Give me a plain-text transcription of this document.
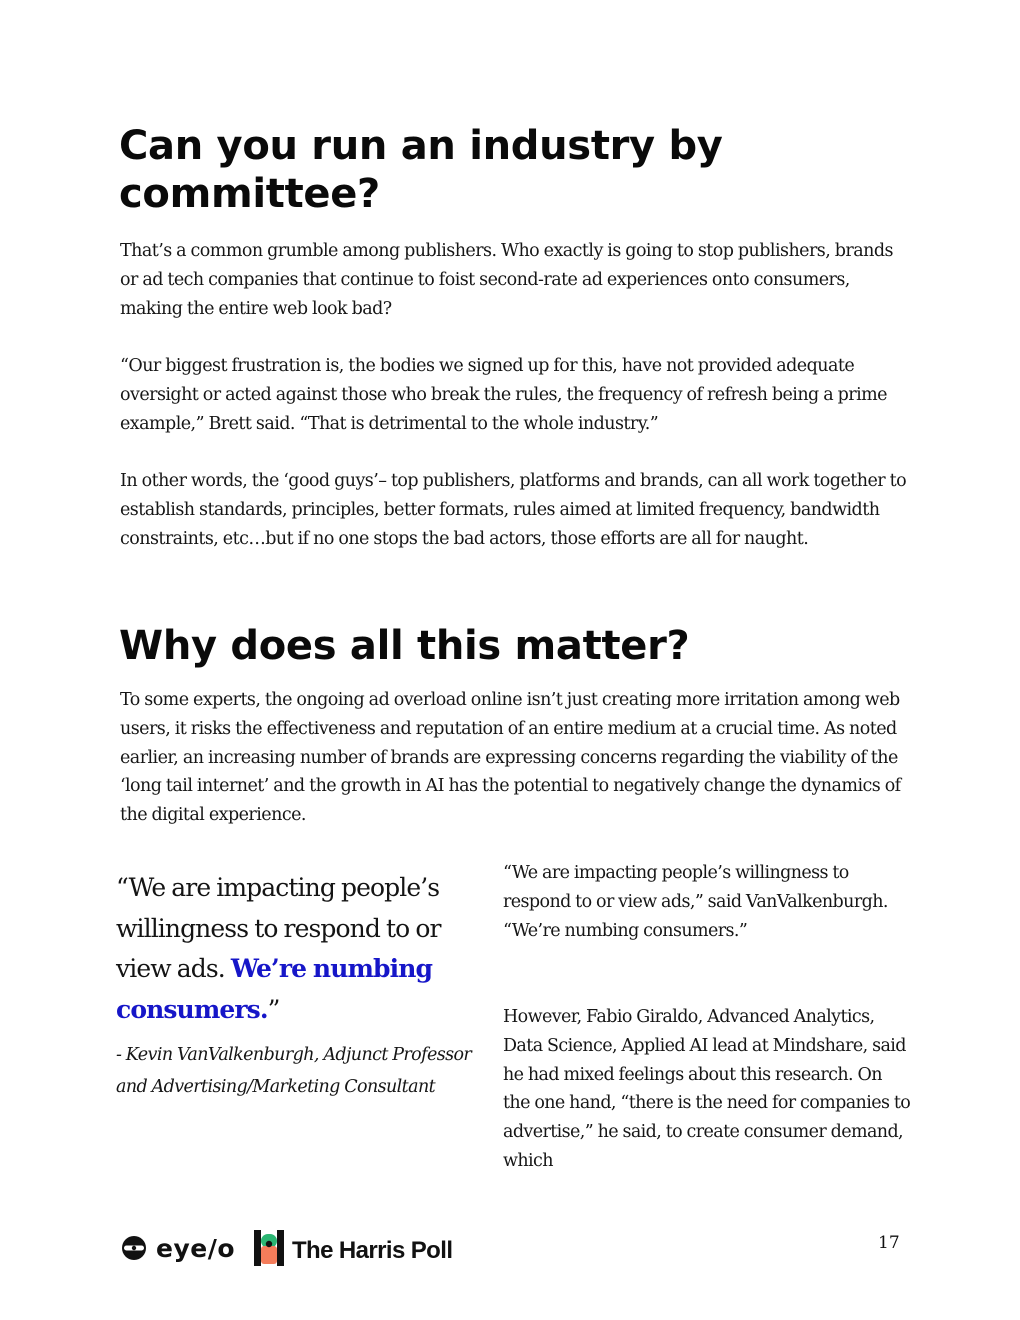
Can you run an industry by committee?

That’s a common grumble among publishers. Who exactly is going to stop publishers, brands or ad tech companies that continue to foist second-rate ad experiences onto consumers, making the entire web look bad?

“Our biggest frustration is, the bodies we signed up for this, have not provided adequate oversight or acted against those who break the rules, the frequency of refresh being a prime example,” Brett said. “That is detrimental to the whole industry.”

In other words, the ‘good guys’– top publishers, platforms and brands, can all work together to establish standards, principles, better formats, rules aimed at limited frequency, bandwidth constraints, etc…but if no one stops the bad actors, those efforts are all for naught.

Why does all this matter?

To some experts, the ongoing ad overload online isn’t just creating more irritation among web users, it risks the effectiveness and reputation of an entire medium at a crucial time. As noted earlier, an increasing number of brands are expressing concerns regarding the viability of the ‘long tail internet’ and the growth in AI has the potential to negatively change the dynamics of the digital experience.

“We are impacting people’s willingness to respond to or view ads. We’re numbing consumers.”

- Kevin VanValkenburgh, Adjunct Professor and Advertising/Marketing Consultant

“We are impacting people’s willingness to respond to or view ads,” said VanValkenburgh. “We’re numbing consumers.”

However, Fabio Giraldo, Advanced Analytics, Data Science, Applied AI lead at Mindshare, said he had mixed feelings about this research. On the one hand, “there is the need for companies to advertise,” he said, to create consumer demand, which

eye/o The Harris Poll	17
